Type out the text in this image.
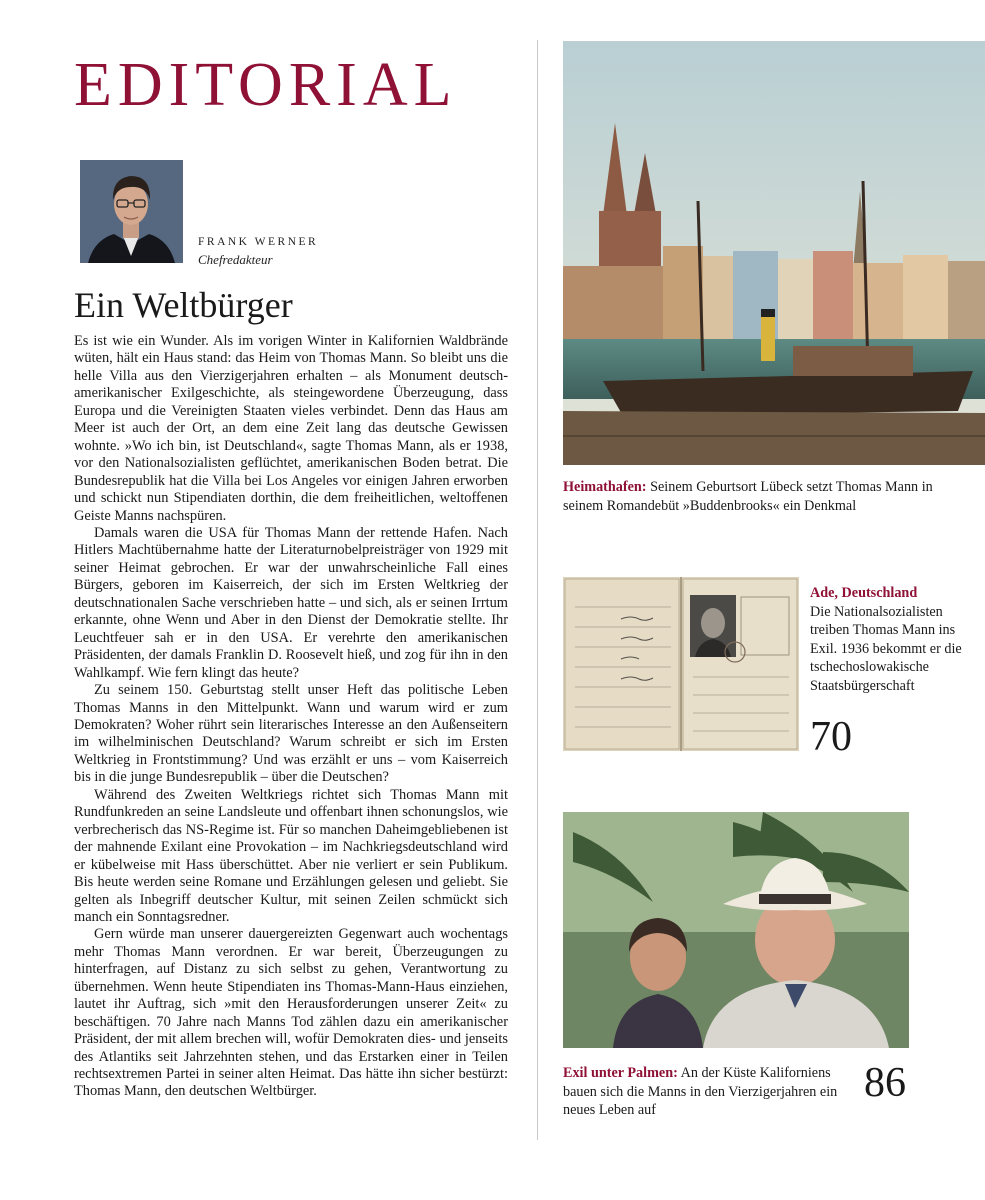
EDITORIAL
FRANK WERNER
Chefredakteur
Ein Weltbürger

Es ist wie ein Wunder. Als im vorigen Winter in Kalifornien Waldbrände wüten, hält ein Haus stand: das Heim von Thomas Mann. So bleibt uns die helle Villa aus den Vierzigerjahren erhalten – als Monument deutsch-amerikanischer Exilgeschichte, als steingewordene Überzeugung, dass Europa und die Vereinigten Staaten vieles verbindet. Denn das Haus am Meer ist auch der Ort, an dem eine Zeit lang das deutsche Gewissen wohnte. »Wo ich bin, ist Deutschland«, sagte Thomas Mann, als er 1938, vor den Nationalsozialisten geflüchtet, amerikanischen Boden betrat. Die Bundesrepublik hat die Villa bei Los Angeles vor einigen Jahren erworben und schickt nun Stipendiaten dorthin, die dem freiheitlichen, weltoffenen Geiste Manns nachspüren.

Damals waren die USA für Thomas Mann der rettende Hafen. Nach Hitlers Machtübernahme hatte der Literaturnobelpreisträger von 1929 mit seiner Heimat gebrochen. Er war der unwahrscheinliche Fall eines Bürgers, geboren im Kaiserreich, der sich im Ersten Weltkrieg der deutschnationalen Sache verschrieben hatte – und sich, als er seinen Irrtum erkannte, ohne Wenn und Aber in den Dienst der Demokratie stellte. Ihr Leuchtfeuer sah er in den USA. Er verehrte den amerikanischen Präsidenten, der damals Franklin D. Roosevelt hieß, und zog für ihn in den Wahlkampf. Wie fern klingt das heute?

Zu seinem 150. Geburtstag stellt unser Heft das politische Leben Thomas Manns in den Mittelpunkt. Wann und warum wird er zum Demokraten? Woher rührt sein literarisches Interesse an den Außenseitern im wilhelminischen Deutschland? Warum schreibt er sich im Ersten Weltkrieg in Frontstimmung? Und was erzählt er uns – vom Kaiserreich bis in die junge Bundesrepublik – über die Deutschen?

Während des Zweiten Weltkriegs richtet sich Thomas Mann mit Rundfunkreden an seine Landsleute und offenbart ihnen schonungslos, wie verbrecherisch das NS-Regime ist. Für so manchen Daheimgebliebenen ist der mahnende Exilant eine Provokation – im Nachkriegsdeutschland wird er kübelweise mit Hass überschüttet. Aber nie verliert er sein Publikum. Bis heute werden seine Romane und Erzählungen gelesen und geliebt. Sie gelten als Inbegriff deutscher Kultur, mit seinen Zeilen schmückt sich manch ein Sonntagsredner.

Gern würde man unserer dauergereizten Gegenwart auch wochentags mehr Thomas Mann verordnen. Er war bereit, Überzeugungen zu hinterfragen, auf Distanz zu sich selbst zu gehen, Verantwortung zu übernehmen. Wenn heute Stipendiaten ins Thomas-Mann-Haus einziehen, lautet ihr Auftrag, sich »mit den Herausforderungen unserer Zeit« zu beschäftigen. 70 Jahre nach Manns Tod zählen dazu ein amerikanischer Präsident, der mit allem brechen will, wofür Demokraten dies- und jenseits des Atlantiks seit Jahrzehnten stehen, und das Erstarken einer in Teilen rechtsextremen Partei in seiner alten Heimat. Das hätte ihn sicher bestürzt: Thomas Mann, den deutschen Weltbürger.

Heimathafen: Seinem Geburtsort Lübeck setzt Thomas Mann in seinem Romandebüt »Buddenbrooks« ein Denkmal
Ade, Deutschland
Die Nationalsozialisten treiben Thomas Mann ins Exil. 1936 bekommt er die tschechoslowakische Staatsbürgerschaft
70
Exil unter Palmen: An der Küste Kaliforniens bauen sich die Manns in den Vierzigerjahren ein neues Leben auf
86
